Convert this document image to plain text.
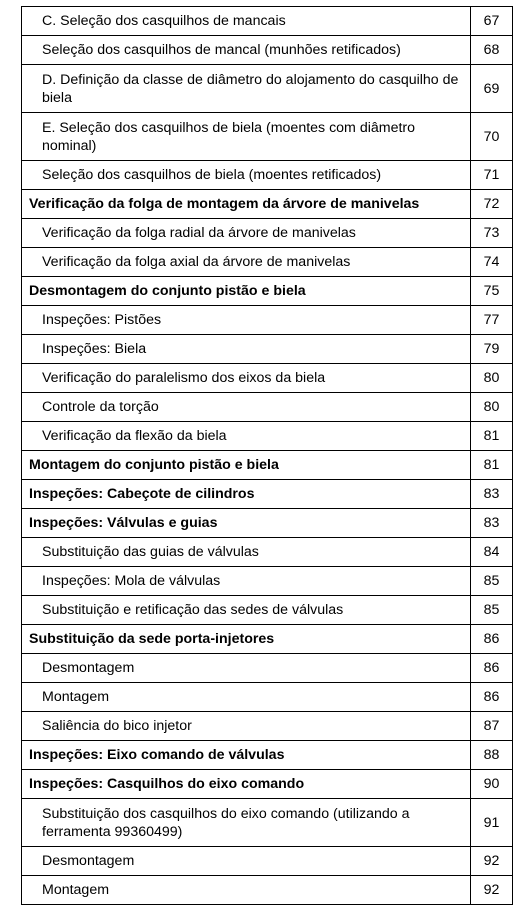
C. Seleção dos casquilhos de mancais	67
Seleção dos casquilhos de mancal (munhões retificados)	68
D. Definição da classe de diâmetro do alojamento do casquilho de biela	69
E. Seleção dos casquilhos de biela (moentes com diâmetro nominal)	70
Seleção dos casquilhos de biela (moentes retificados)	71
Verificação da folga de montagem da árvore de manivelas	72
Verificação da folga radial da árvore de manivelas	73
Verificação da folga axial da árvore de manivelas	74
Desmontagem do conjunto pistão e biela	75
Inspeções: Pistões	77
Inspeções: Biela	79
Verificação do paralelismo dos eixos da biela	80
Controle da torção	80
Verificação da flexão da biela	81
Montagem do conjunto pistão e biela	81
Inspeções: Cabeçote de cilindros	83
Inspeções: Válvulas e guias	83
Substituição das guias de válvulas	84
Inspeções: Mola de válvulas	85
Substituição e retificação das sedes de válvulas	85
Substituição da sede porta-injetores	86
Desmontagem	86
Montagem	86
Saliência do bico injetor	87
Inspeções: Eixo comando de válvulas	88
Inspeções: Casquilhos do eixo comando	90
Substituição dos casquilhos do eixo comando (utilizando a ferramenta 99360499)	91
Desmontagem	92
Montagem	92
